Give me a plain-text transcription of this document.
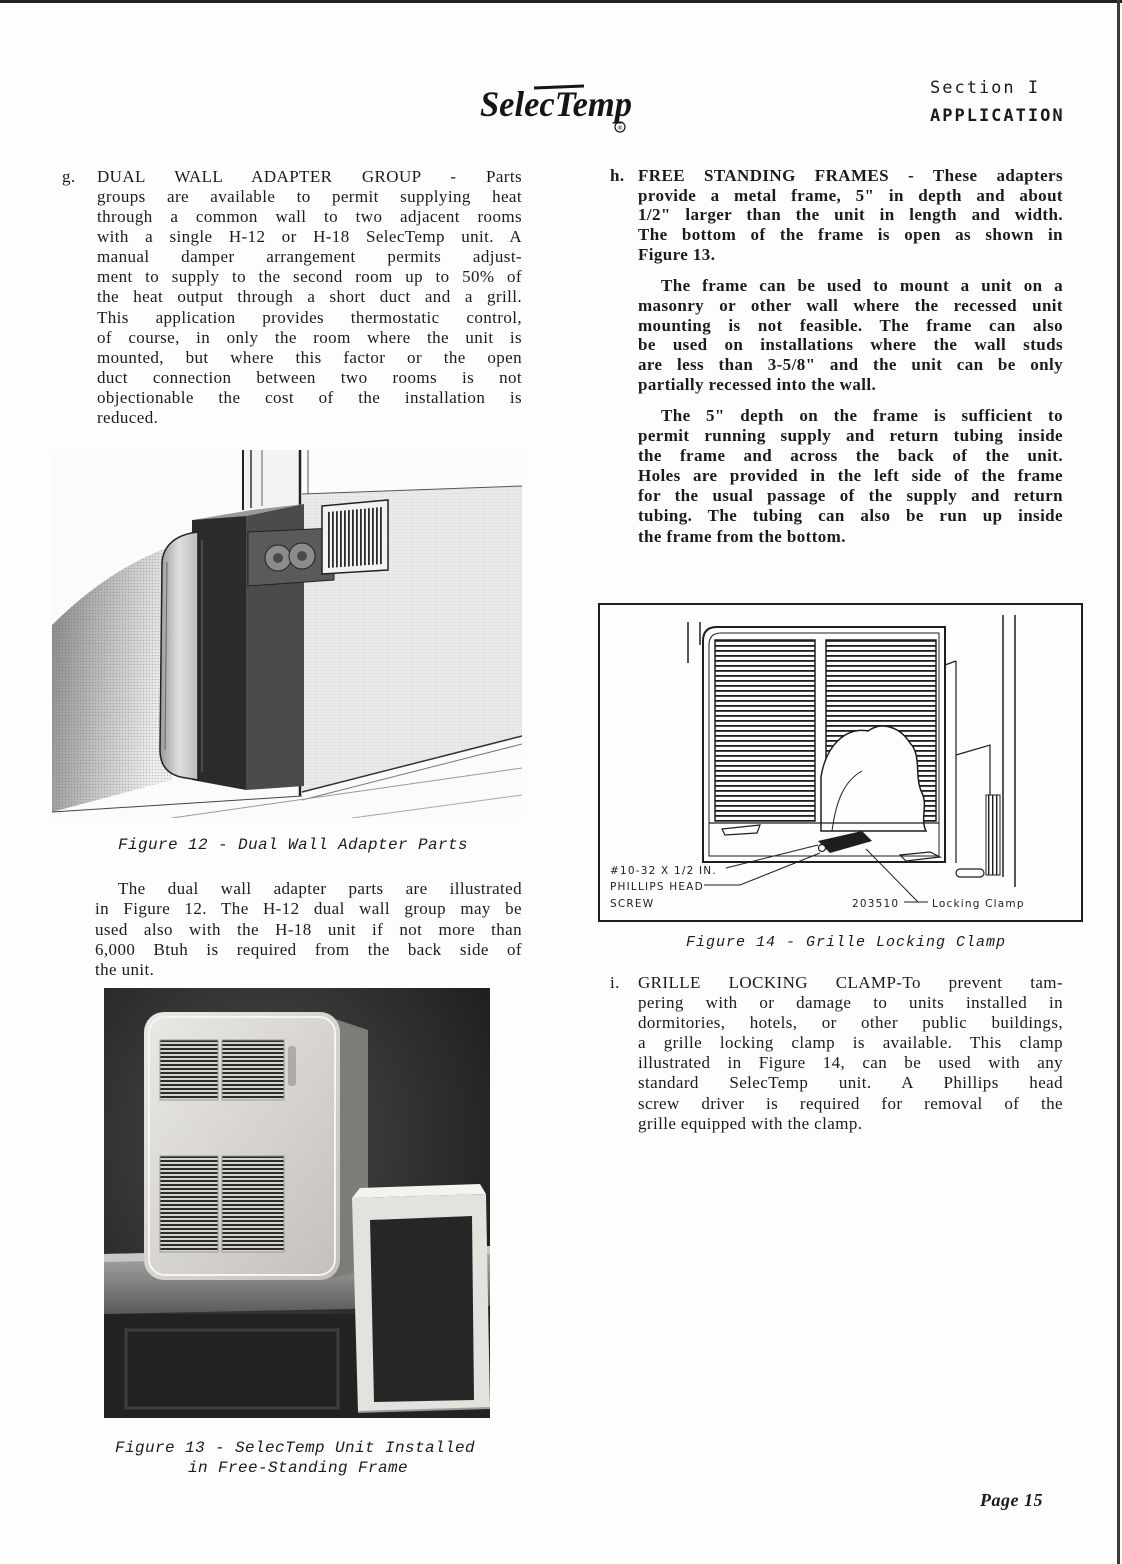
SelecTemp
®
Section I
APPLICATION
g. DUAL WALL ADAPTER GROUP - Parts
groups are available to permit supplying heat
through a common wall to two adjacent rooms
with a single H-12 or H-18 SelecTemp unit. A
manual damper arrangement permits adjust-
ment to supply to the second room up to 50% of
the heat output through a short duct and a grill.
This application provides thermostatic control,
of course, in only the room where the unit is
mounted, but where this factor or the open
duct connection between two rooms is not
objectionable the cost of the installation is
reduced.
Figure 12 - Dual Wall Adapter Parts
The dual wall adapter parts are illustrated
in Figure 12. The H-12 dual wall group may be
used also with the H-18 unit if not more than
6,000 Btuh is required from the back side of
the unit.
Figure 13 - SelecTemp Unit Installed
in Free-Standing Frame
h. FREE STANDING FRAMES - These adapters
provide a metal frame, 5" in depth and about
1/2" larger than the unit in length and width.
The bottom of the frame is open as shown in
Figure 13.
The frame can be used to mount a unit on a
masonry or other wall where the recessed unit
mounting is not feasible. The frame can also
be used on installations where the wall studs
are less than 3-5/8" and the unit can be only
partially recessed into the wall.
The 5" depth on the frame is sufficient to
permit running supply and return tubing inside
the frame and across the back of the unit.
Holes are provided in the left side of the frame
for the usual passage of the supply and return
tubing. The tubing can also be run up inside
the frame from the bottom.
#10-32 X 1/2 IN.
PHILLIPS HEAD
SCREW	203510	Locking Clamp
Figure 14 - Grille Locking Clamp
i. GRILLE LOCKING CLAMP-To prevent tam-
pering with or damage to units installed in
dormitories, hotels, or other public buildings,
a grille locking clamp is available. This clamp
illustrated in Figure 14, can be used with any
standard SelecTemp unit. A Phillips head
screw driver is required for removal of the
grille equipped with the clamp.
Page 15
